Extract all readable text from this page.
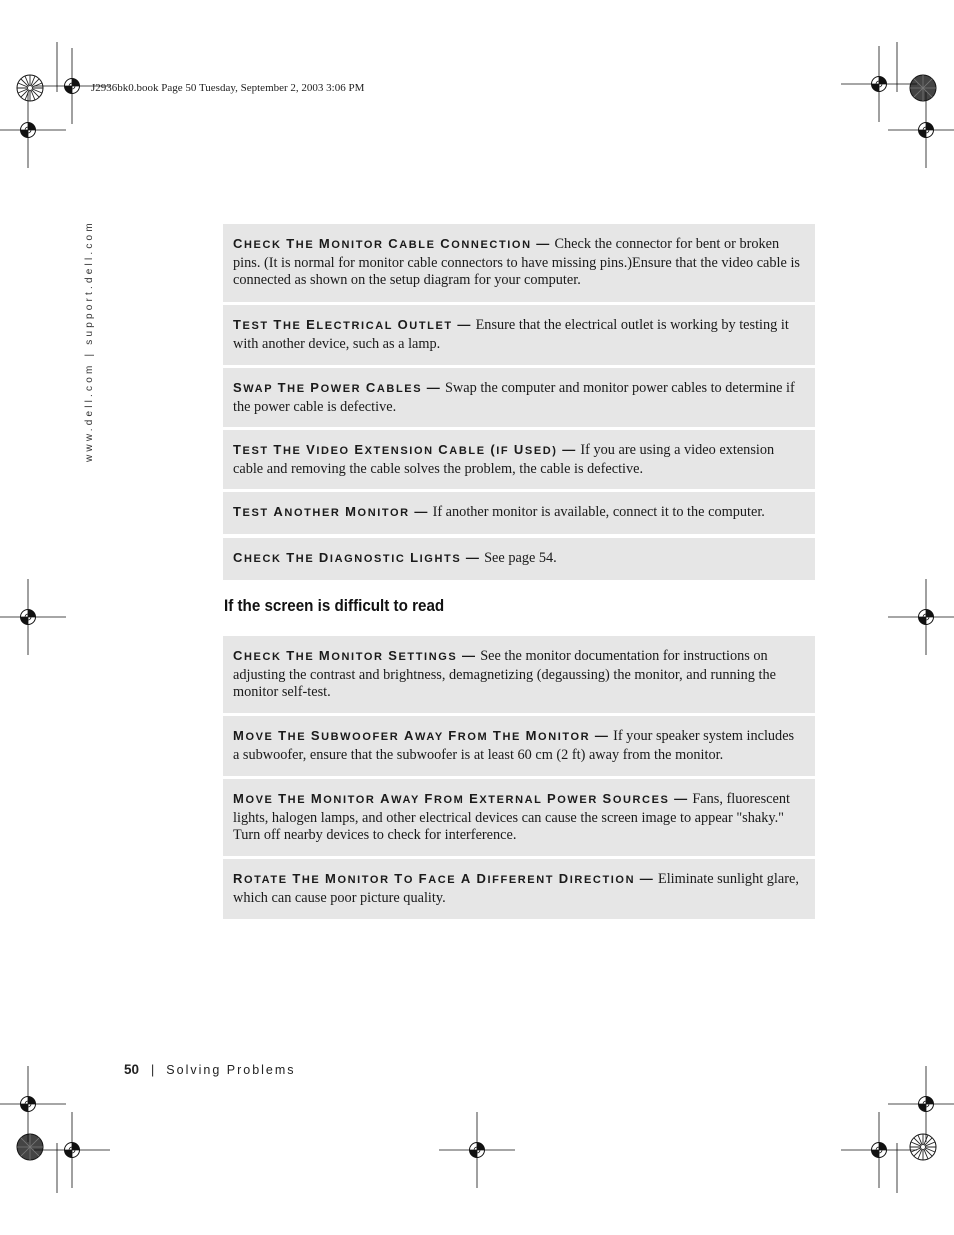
J2936bk0.book Page 50 Tuesday, September 2, 2003 3:06 PM
www.dell.com | support.dell.com	CHECK THE MONITOR CABLE CONNECTION — Check the connector for bent or broken pins. (It is normal for monitor cable connectors to have missing pins.)Ensure that the video cable is connected as shown on the setup diagram for your computer.
TEST THE ELECTRICAL OUTLET — Ensure that the electrical outlet is working by testing it with another device, such as a lamp.
SWAP THE POWER CABLES — Swap the computer and monitor power cables to determine if the power cable is defective.
TEST THE VIDEO EXTENSION CABLE (IF USED) — If you are using a video extension cable and removing the cable solves the problem, the cable is defective.
TEST ANOTHER MONITOR — If another monitor is available, connect it to the computer.
CHECK THE DIAGNOSTIC LIGHTS — See page 54.
If the screen is difficult to read
CHECK THE MONITOR SETTINGS — See the monitor documentation for instructions on adjusting the contrast and brightness, demagnetizing (degaussing) the monitor, and running the monitor self-test.
MOVE THE SUBWOOFER AWAY FROM THE MONITOR — If your speaker system includes a subwoofer, ensure that the subwoofer is at least 60 cm (2 ft) away from the monitor.
MOVE THE MONITOR AWAY FROM EXTERNAL POWER SOURCES — Fans, fluorescent lights, halogen lamps, and other electrical devices can cause the screen image to appear "shaky." Turn off nearby devices to check for interference.
ROTATE THE MONITOR TO FACE A DIFFERENT DIRECTION — Eliminate sunlight glare, which can cause poor picture quality.
50 | Solving Problems
